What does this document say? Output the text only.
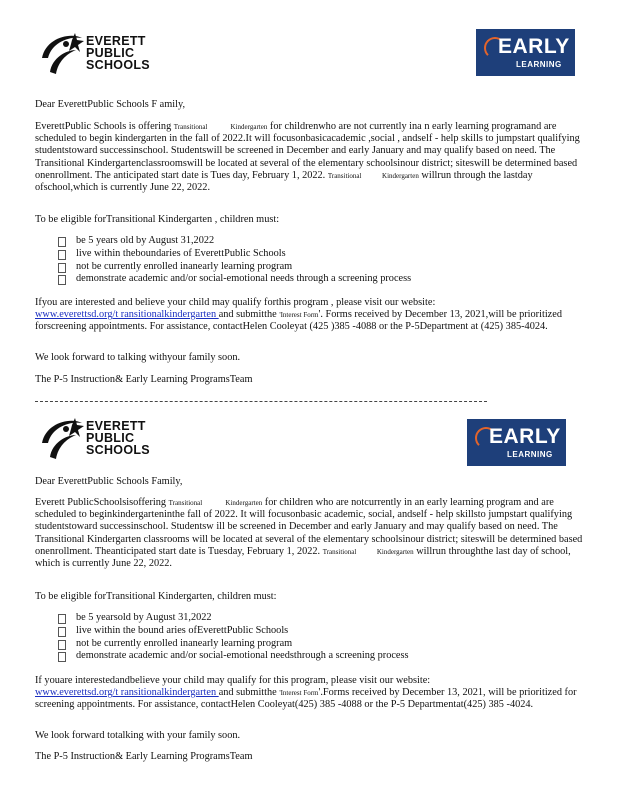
EVERETT
PUBLIC
SCHOOLS
EARLY
LEARNING

Dear EverettPublic Schools F amily,

EverettPublic Schools is offering Transitional	Kindergarten for childrenwho are not currently ina n early learning programand are scheduled to begin kindergarten in the fall of 2022.It will focusonbasicacademic ,social , andself - help skills to jumpstart qualifying studentstoward successinschool. Studentswill be screened in December and early January and may qualify based on need. The Transitional Kindergartenclassroomswill be located at several of the elementary schoolsinour district; siteswill be determined based onenrollment. The anticipated start date is Tues day, February 1, 2022. Transitional	Kindergarten willrun through the lastday ofschool,which is currently June 22, 2022.

To be eligible forTransitional Kindergarten , children must:

be 5 years old by August 31,2022
live within theboundaries of EverettPublic Schools
not be currently enrolled inanearly learning program
demonstrate academic and/or social-emotional needs through a screening process

Ifyou are interested and believe your child may qualify forthis program , please visit our website:
www.everettsd.org/t ransitionalkindergarten and submitthe 'Interest Form'. Forms received by December 13, 2021,will be prioritized forscreening appointments. For assistance, contactHelen Cooleyat (425 )385 -4088 or the P-5Department at (425) 385-4024.

We look forward to talking withyour family soon.

The P-5 Instruction& Early Learning ProgramsTeam

EVERETT
PUBLIC
SCHOOLS
EARLY
LEARNING

Dear EverettPublic Schools Family,

Everett PublicSchoolsisoffering Transitional	Kindergarten for children who are notcurrently in an early learning program and are scheduled to beginkindergarteninthe fall of 2022. It will focusonbasic academic, social, andself - help skillsto jumpstart qualifying studentstoward successinschool. Studentsw ill be screened in December and early January and may qualify based on need. The Transitional Kindergarten classrooms will be located at several of the elementary schoolsinour district; siteswill be determined based onenrollment. Theanticipated start date is Tuesday, February 1, 2022. Transitional	Kindergarten willrun throughthe last day of school, which is currently June 22, 2022.

To be eligible forTransitional Kindergarten, children must:

be 5 yearsold by August 31,2022
live within the bound aries ofEverettPublic Schools
not be currently enrolled inanearly learning program
demonstrate academic and/or social-emotional needsthrough a screening process

If youare interestedandbelieve your child may qualify for this program, please visit our website:
www.everettsd.org/t ransitionalkindergarten and submitthe 'Interest Form'.Forms received by December 13, 2021, will be prioritized for screening appointments. For assistance, contactHelen Cooleyat(425) 385 -4088 or the P-5 Departmentat(425) 385 -4024.

We look forward totalking with your family soon.

The P-5 Instruction& Early Learning ProgramsTeam
